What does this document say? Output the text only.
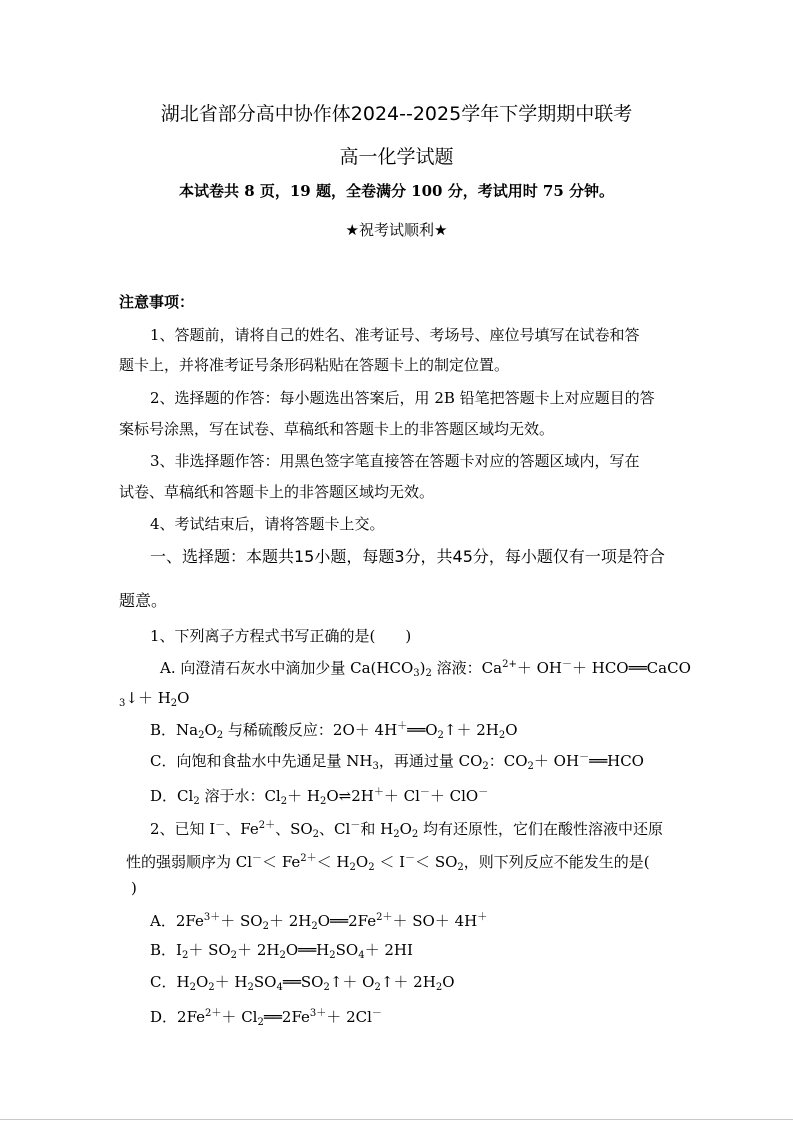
湖北省部分高中协作体2024--2025学年下学期期中联考
高一化学试题
本试卷共 8 页，19 题，全卷满分 100 分，考试用时 75 分钟。
★祝考试顺利★
注意事项：
1、答题前，请将自己的姓名、准考证号、考场号、座位号填写在试卷和答
题卡上，并将准考证号条形码粘贴在答题卡上的制定位置。
2、选择题的作答：每小题选出答案后，用 2B 铅笔把答题卡上对应题目的答
案标号涂黑，写在试卷、草稿纸和答题卡上的非答题区域均无效。
3、非选择题作答：用黑色签字笔直接答在答题卡对应的答题区域内，写在
试卷、草稿纸和答题卡上的非答题区域均无效。
4、考试结束后，请将答题卡上交。
一、选择题：本题共15小题，每题3分，共45分，每小题仅有一项是符合
题意。
1、下列离子方程式书写正确的是(　　)
A. 向澄清石灰水中滴加少量 $Ca(HCO_3)_2$ 溶液：$Ca^{2+}+ OH^-+$ HCO══CaCO
$_3$↓＋ $H_2O$
B．$Na_2O_2$ 与稀硫酸反应：$2O+ 4H^+══O_2↑+ 2H_2O$
C．向饱和食盐水中先通足量 $NH_3$，再通过量 $CO_2$：$CO_2+$ OH－══HCO
D．$Cl_2$ 溶于水：$Cl_2+$ $H_2O\rightleftharpoons 2H^++ Cl^-+ ClO^-$
2、已知 I－、$Fe^{2+}$、$SO_2$、Cl－和 $H_2O_2$ 均有还原性，它们在酸性溶液中还原
性的强弱顺序为 $Cl^-< Fe^{2+}< H_2O_2 < I^-< SO_2$，则下列反应不能发生的是(
)
A．$2Fe^{3+}+ SO_2+$ $2H_2O══2Fe^{2+}+ SO+ 4H^+$
B．$I_2+ SO_2+$ $2H_2O══H_2SO_4+ 2HI$
C．$H_2O_2+$ $H_2SO_4══SO_2↑+$ $O_2↑+ 2H_2O$
D．$2Fe^{2+}+$ $Cl_2══2Fe^{3+}+ 2Cl^-$
